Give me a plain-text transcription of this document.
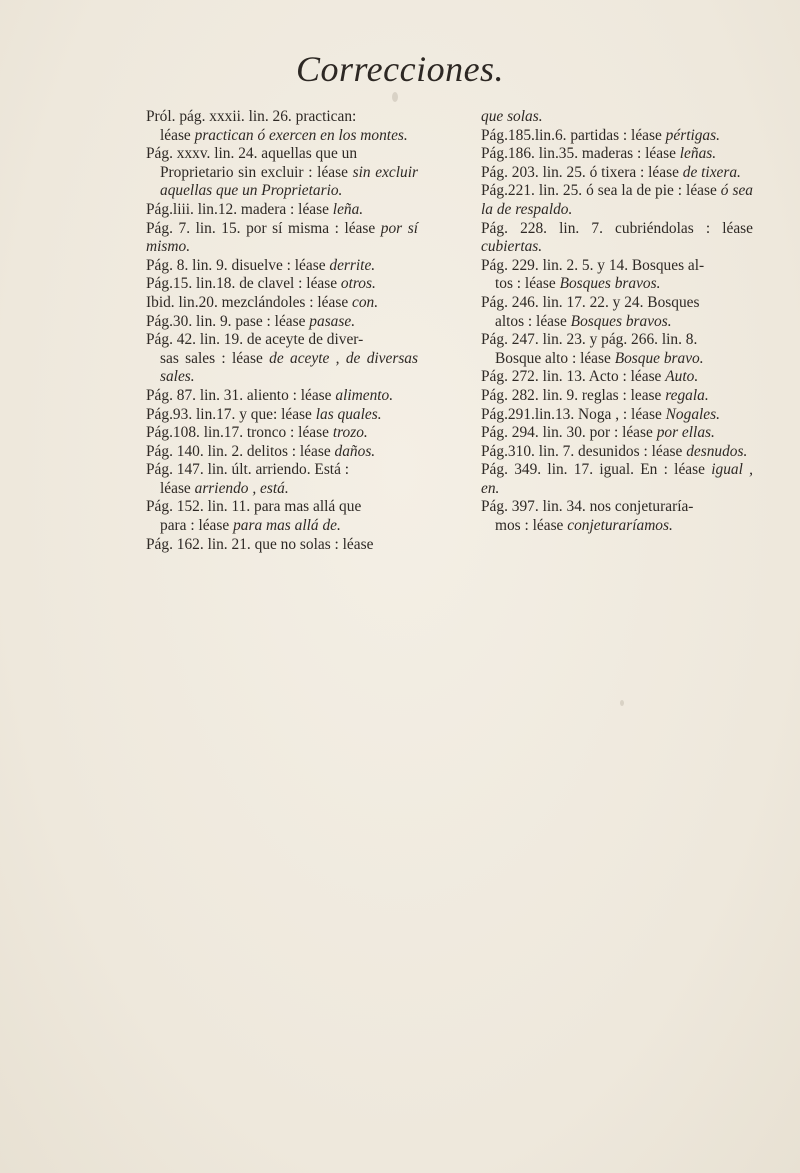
Correcciones.
Pról. pág. xxxii. lin. 26. practican:
léase practican ó exercen en los montes.
Pág. xxxv. lin. 24. aquellas que un
Proprietario sin excluir : léase sin excluir aquellas que un Proprietario.
Pág.liii. lin.12. madera : léase leña.
Pág. 7. lin. 15. por sí misma : léase por sí mismo.
Pág. 8. lin. 9. disuelve : léase derrite.
Pág.15. lin.18. de clavel : léase otros.
Ibid. lin.20. mezclándoles : léase con.
Pág.30. lin. 9. pase : léase pasase.
Pág. 42. lin. 19. de aceyte de diver-
sas sales : léase de aceyte , de diversas sales.
Pág. 87. lin. 31. aliento : léase alimento.
Pág.93. lin.17. y que: léase las quales.
Pág.108. lin.17. tronco : léase trozo.
Pág. 140. lin. 2. delitos : léase daños.
Pág. 147. lin. últ. arriendo. Está :
léase arriendo , está.
Pág. 152. lin. 11. para mas allá que
para : léase para mas allá de.
Pág. 162. lin. 21. que no solas : léase
que solas.
Pág.185.lin.6. partidas : léase pértigas.
Pág.186. lin.35. maderas : léase leñas.
Pág. 203. lin. 25. ó tixera : léase de tixera.
Pág.221. lin. 25. ó sea la de pie : léase ó sea la de respaldo.
Pág. 228. lin. 7. cubriéndolas : léase cubiertas.
Pág. 229. lin. 2. 5. y 14. Bosques al-
tos : léase Bosques bravos.
Pág. 246. lin. 17. 22. y 24. Bosques
altos : léase Bosques bravos.
Pág. 247. lin. 23. y pág. 266. lin. 8.
Bosque alto : léase Bosque bravo.
Pág. 272. lin. 13. Acto : léase Auto.
Pág. 282. lin. 9. reglas : lease regala.
Pág.291.lin.13. Noga , : léase Nogales.
Pág. 294. lin. 30. por : léase por ellas.
Pág.310. lin. 7. desunidos : léase desnudos.
Pág. 349. lin. 17. igual. En : léase igual , en.
Pág. 397. lin. 34. nos conjeturaría-
mos : léase conjeturaríamos.
